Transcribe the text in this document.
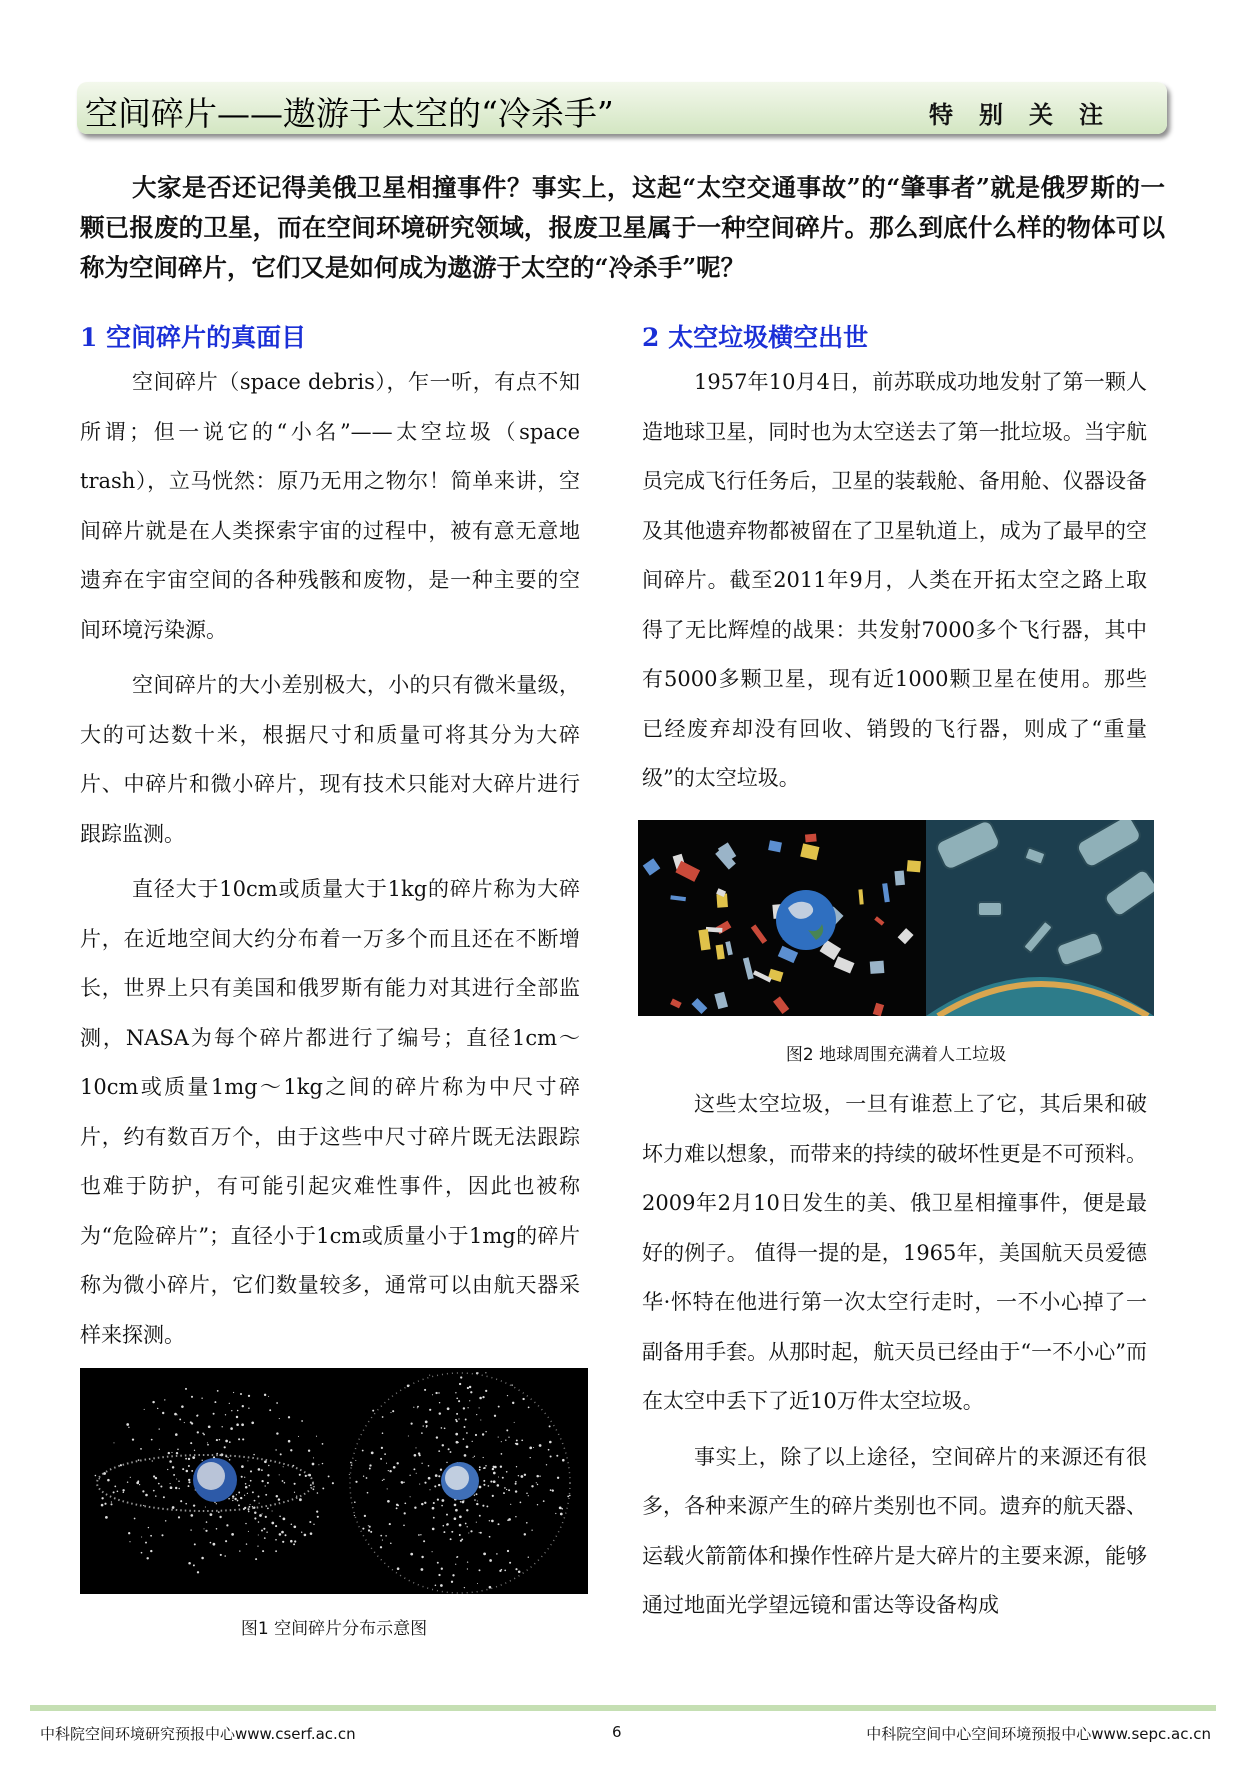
空间碎片——遨游于太空的“冷杀手”	特别关注
大家是否还记得美俄卫星相撞事件？事实上，这起“太空交通事故”的“肇事者”就是俄罗斯的一颗已报废的卫星，而在空间环境研究领域，报废卫星属于一种空间碎片。那么到底什么样的物体可以称为空间碎片，它们又是如何成为遨游于太空的“冷杀手”呢？
1 空间碎片的真面目

空间碎片（space debris），乍一听，有点不知所谓；但一说它的“小名”——太空垃圾（space trash），立马恍然：原乃无用之物尔！简单来讲，空间碎片就是在人类探索宇宙的过程中，被有意无意地遗弃在宇宙空间的各种残骸和废物，是一种主要的空间环境污染源。

空间碎片的大小差别极大，小的只有微米量级，大的可达数十米，根据尺寸和质量可将其分为大碎片、中碎片和微小碎片，现有技术只能对大碎片进行跟踪监测。

直径大于10cm或质量大于1kg的碎片称为大碎片，在近地空间大约分布着一万多个而且还在不断增长，世界上只有美国和俄罗斯有能力对其进行全部监测，NASA为每个碎片都进行了编号；直径1cm～10cm或质量1mg～1kg之间的碎片称为中尺寸碎片，约有数百万个，由于这些中尺寸碎片既无法跟踪也难于防护，有可能引起灾难性事件，因此也被称为“危险碎片”；直径小于1cm或质量小于1mg的碎片称为微小碎片，它们数量较多，通常可以由航天器采样来探测。

图1 空间碎片分布示意图
2 太空垃圾横空出世

1957年10月4日，前苏联成功地发射了第一颗人造地球卫星，同时也为太空送去了第一批垃圾。当宇航员完成飞行任务后，卫星的装载舱、备用舱、仪器设备及其他遗弃物都被留在了卫星轨道上，成为了最早的空间碎片。截至2011年9月，人类在开拓太空之路上取得了无比辉煌的战果：共发射7000多个飞行器，其中有5000多颗卫星，现有近1000颗卫星在使用。那些已经废弃却没有回收、销毁的飞行器，则成了“重量级”的太空垃圾。

图2 地球周围充满着人工垃圾

这些太空垃圾，一旦有谁惹上了它，其后果和破坏力难以想象，而带来的持续的破坏性更是不可预料。2009年2月10日发生的美、俄卫星相撞事件，便是最好的例子。 值得一提的是，1965年，美国航天员爱德华·怀特在他进行第一次太空行走时，一不小心掉了一副备用手套。从那时起，航天员已经由于“一不小心”而在太空中丢下了近10万件太空垃圾。

事实上，除了以上途径，空间碎片的来源还有很多，各种来源产生的碎片类别也不同。遗弃的航天器、运载火箭箭体和操作性碎片是大碎片的主要来源，能够通过地面光学望远镜和雷达等设备构成

中科院空间环境研究预报中心www.cserf.ac.cn	6	中科院空间中心空间环境预报中心www.sepc.ac.cn
